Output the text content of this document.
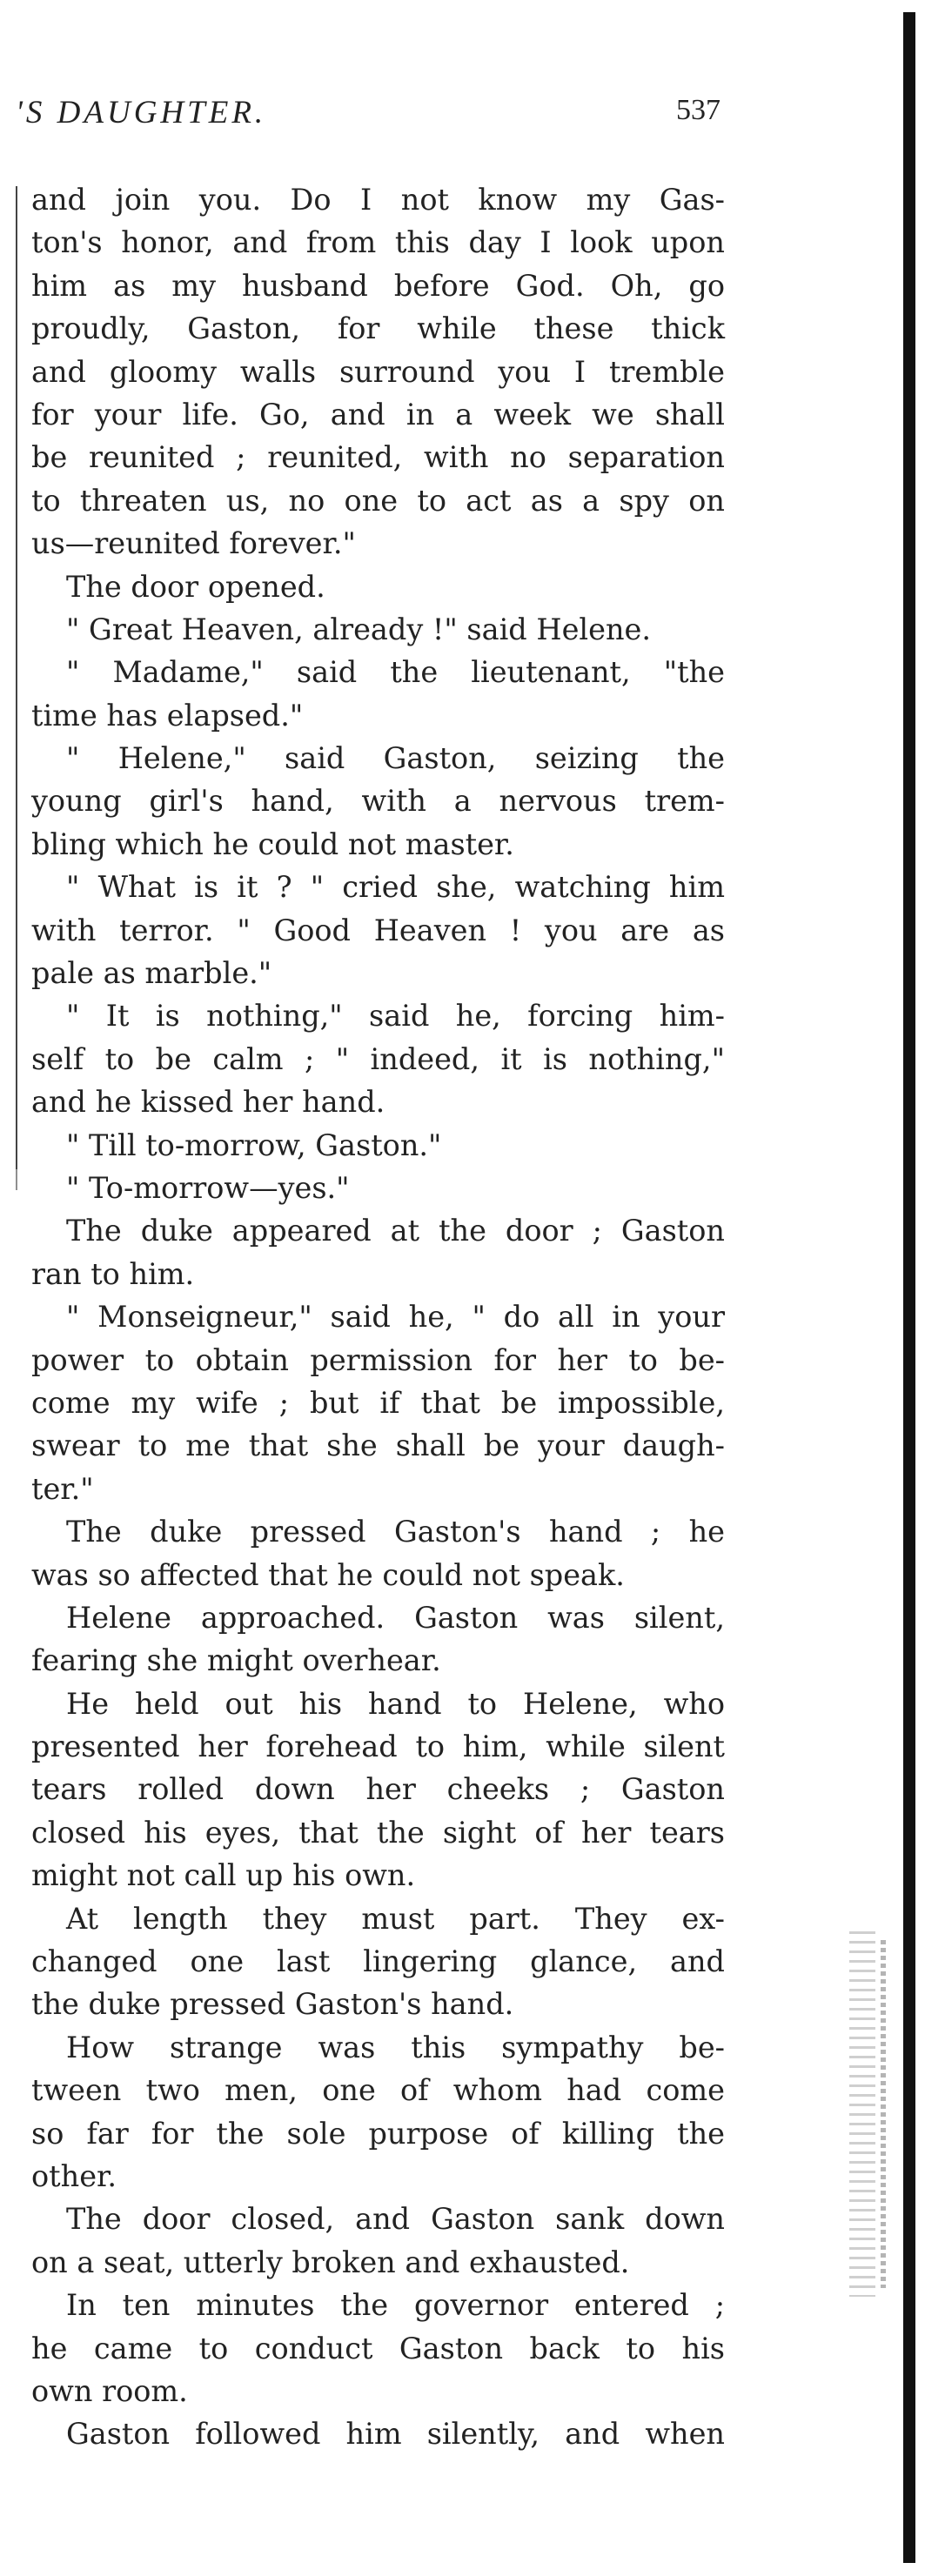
'S DAUGHTER.	537
and join you. Do I not know my Gas-
ton's honor, and from this day I look upon
him as my husband before God. Oh, go
proudly, Gaston, for while these thick
and gloomy walls surround you I tremble
for your life. Go, and in a week we shall
be reunited ; reunited, with no separation
to threaten us, no one to act as a spy on
us—reunited forever."
The door opened.
" Great Heaven, already !" said Helene.
" Madame," said the lieutenant, "the
time has elapsed."
" Helene," said Gaston, seizing the
young girl's hand, with a nervous trem-
bling which he could not master.
" What is it ? " cried she, watching him
with terror. " Good Heaven ! you are as
pale as marble."
" It is nothing," said he, forcing him-
self to be calm ; " indeed, it is nothing,"
and he kissed her hand.
" Till to-morrow, Gaston."
" To-morrow—yes."
The duke appeared at the door ; Gaston
ran to him.
" Monseigneur," said he, " do all in your
power to obtain permission for her to be-
come my wife ; but if that be impossible,
swear to me that she shall be your daugh-
ter."
The duke pressed Gaston's hand ; he
was so affected that he could not speak.
Helene approached. Gaston was silent,
fearing she might overhear.
He held out his hand to Helene, who
presented her forehead to him, while silent
tears rolled down her cheeks ; Gaston
closed his eyes, that the sight of her tears
might not call up his own.
At length they must part. They ex-
changed one last lingering glance, and
the duke pressed Gaston's hand.
How strange was this sympathy be-
tween two men, one of whom had come
so far for the sole purpose of killing the
other.
The door closed, and Gaston sank down
on a seat, utterly broken and exhausted.
In ten minutes the governor entered ;
he came to conduct Gaston back to his
own room.
Gaston followed him silently, and when
